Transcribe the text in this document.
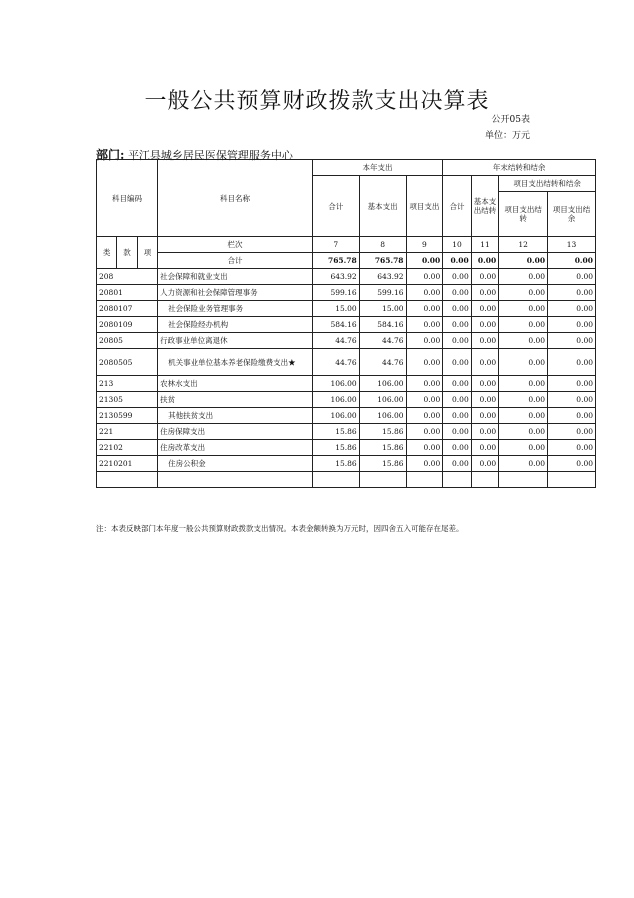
一般公共预算财政拨款支出决算表
公开05表
单位：万元
部门: 平江县城乡居民医保管理服务中心
科目编码			科目名称	本年支出			年末结转和结余			
				合计	基本支出	项目支出	合计	基本支出结转	项目支出结转和结余	
									项目支出结转	项目支出结余
类	款	项	栏次	7	8	9	10	11	12	13
			合计	765.78	765.78	0.00	0.00	0.00	0.00	0.00
208			社会保障和就业支出	643.92	643.92	0.00	0.00	0.00	0.00	0.00
20801			人力资源和社会保障管理事务	599.16	599.16	0.00	0.00	0.00	0.00	0.00
2080107			社会保险业务管理事务	15.00	15.00	0.00	0.00	0.00	0.00	0.00
2080109			社会保险经办机构	584.16	584.16	0.00	0.00	0.00	0.00	0.00
20805			行政事业单位离退休	44.76	44.76	0.00	0.00	0.00	0.00	0.00
2080505			机关事业单位基本养老保险缴费支出★	44.76	44.76	0.00	0.00	0.00	0.00	0.00
213			农林水支出	106.00	106.00	0.00	0.00	0.00	0.00	0.00
21305			扶贫	106.00	106.00	0.00	0.00	0.00	0.00	0.00
2130599			其他扶贫支出	106.00	106.00	0.00	0.00	0.00	0.00	0.00
221			住房保障支出	15.86	15.86	0.00	0.00	0.00	0.00	0.00
22102			住房改革支出	15.86	15.86	0.00	0.00	0.00	0.00	0.00
2210201			住房公积金	15.86	15.86	0.00	0.00	0.00	0.00	0.00

注：本表反映部门本年度一般公共预算财政拨款支出情况。本表金额转换为万元时，因四舍五入可能存在尾差。
